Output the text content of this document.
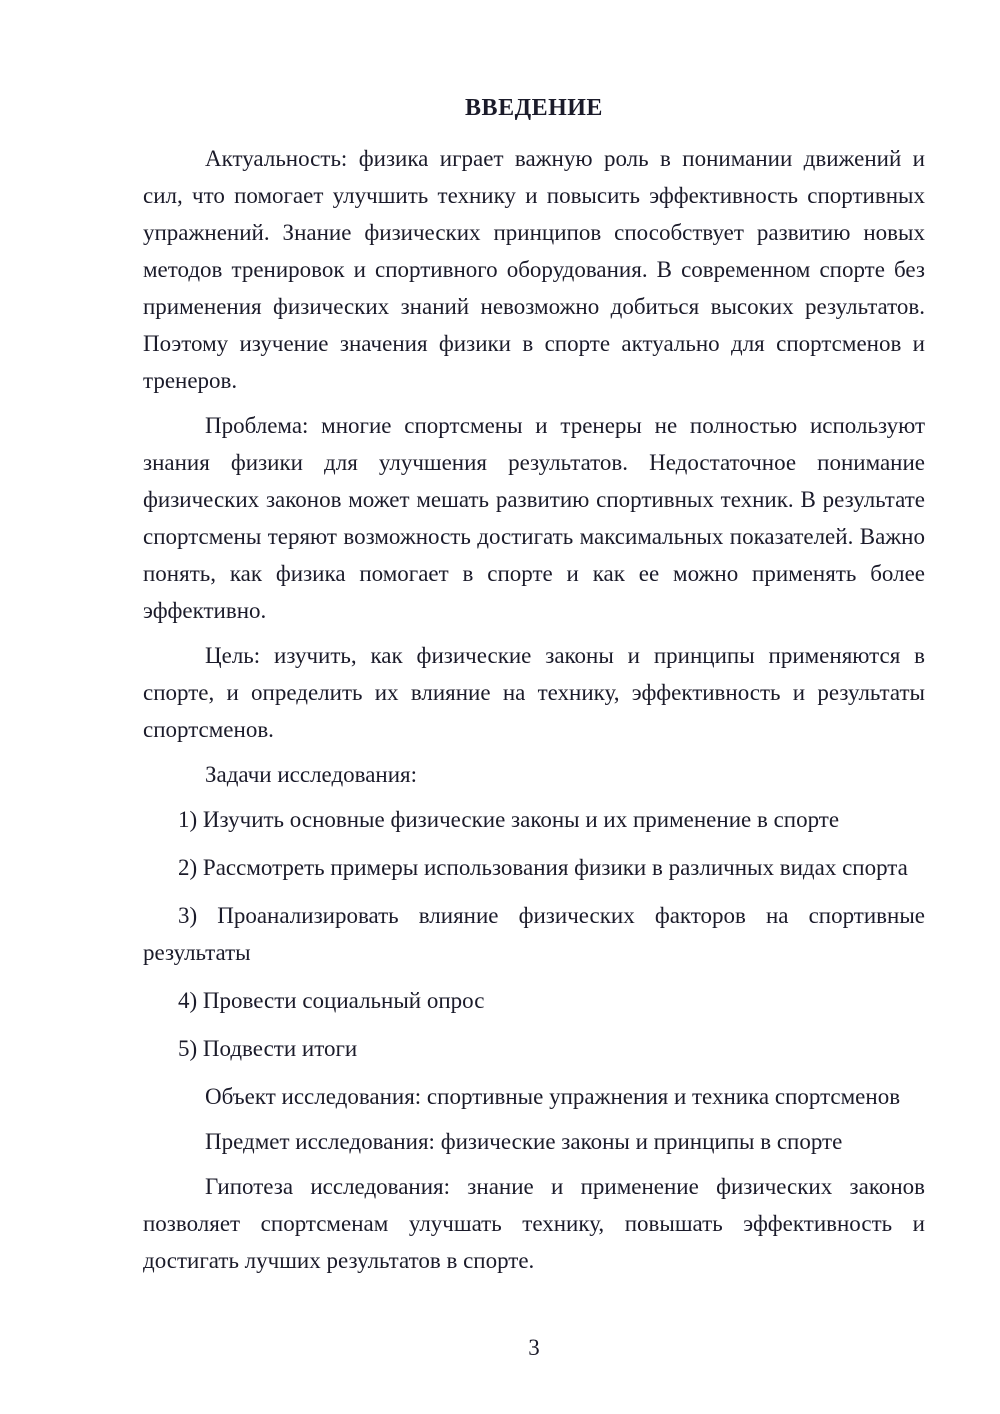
ВВЕДЕНИЕ

Актуальность: физика играет важную роль в понимании движений и сил, что помогает улучшить технику и повысить эффективность спортивных упражнений. Знание физических принципов способствует развитию новых методов тренировок и спортивного оборудования. В современном спорте без применения физических знаний невозможно добиться высоких результатов. Поэтому изучение значения физики в спорте актуально для спортсменов и тренеров.

Проблема: многие спортсмены и тренеры не полностью используют знания физики для улучшения результатов. Недостаточное понимание физических законов может мешать развитию спортивных техник. В результате спортсмены теряют возможность достигать максимальных показателей. Важно понять, как физика помогает в спорте и как ее можно применять более эффективно.

Цель: изучить, как физические законы и принципы применяются в спорте, и определить их влияние на технику, эффективность и результаты спортсменов.

Задачи исследования:

1) Изучить основные физические законы и их применение в спорте

2) Рассмотреть примеры использования физики в различных видах спорта

3) Проанализировать влияние физических факторов на спортивные результаты

4) Провести социальный опрос

5) Подвести итоги

Объект исследования: спортивные упражнения и техника спортсменов

Предмет исследования: физические законы и принципы в спорте

Гипотеза исследования: знание и применение физических законов позволяет спортсменам улучшать технику, повышать эффективность и достигать лучших результатов в спорте.

3
